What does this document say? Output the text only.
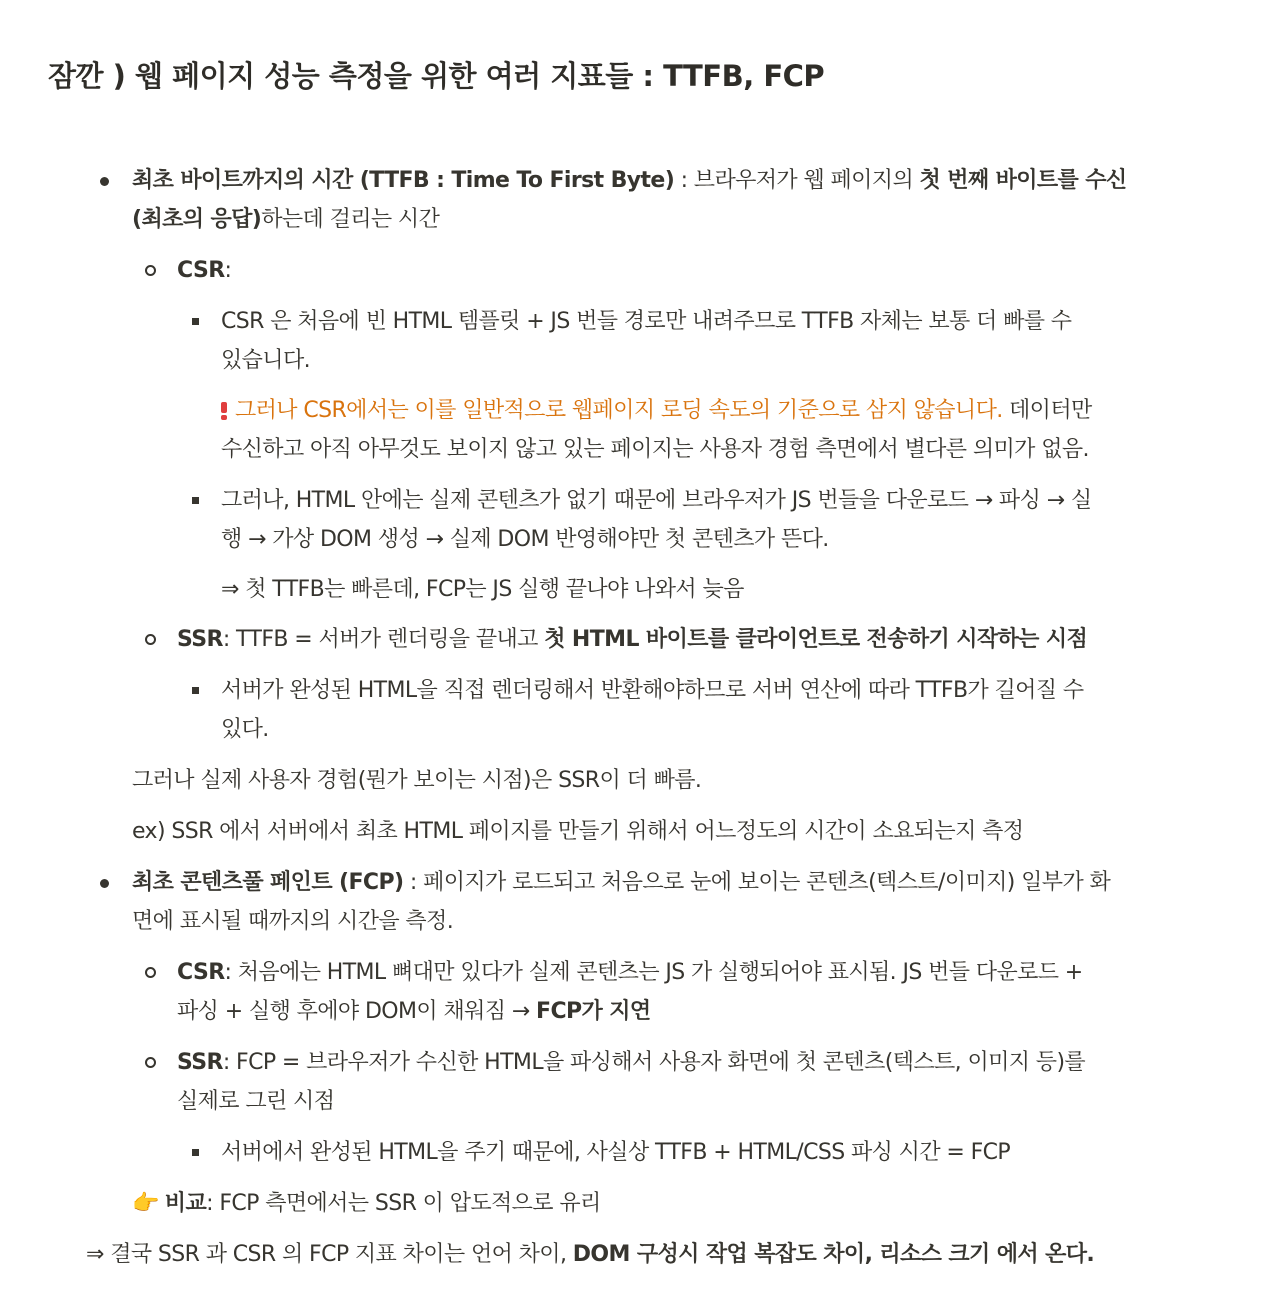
잠깐 ) 웹 페이지 성능 측정을 위한 여러 지표들 : TTFB, FCP
최초 바이트까지의 시간 (TTFB : Time To First Byte) : 브라우저가 웹 페이지의 첫 번째 바이트를 수신
(최초의 응답)하는데 걸리는 시간
CSR:
CSR 은 처음에 빈 HTML 템플릿 + JS 번들 경로만 내려주므로 TTFB 자체는 보통 더 빠를 수
있습니다.
그러나 CSR에서는 이를 일반적으로 웹페이지 로딩 속도의 기준으로 삼지 않습니다. 데이터만
수신하고 아직 아무것도 보이지 않고 있는 페이지는 사용자 경험 측면에서 별다른 의미가 없음.
그러나, HTML 안에는 실제 콘텐츠가 없기 때문에 브라우저가 JS 번들을 다운로드 → 파싱 → 실
행 → 가상 DOM 생성 → 실제 DOM 반영해야만 첫 콘텐츠가 뜬다.
⇒ 첫 TTFB는 빠른데, FCP는 JS 실행 끝나야 나와서 늦음
SSR: TTFB = 서버가 렌더링을 끝내고 첫 HTML 바이트를 클라이언트로 전송하기 시작하는 시점
서버가 완성된 HTML을 직접 렌더링해서 반환해야하므로 서버 연산에 따라 TTFB가 길어질 수
있다.
그러나 실제 사용자 경험(뭔가 보이는 시점)은 SSR이 더 빠름.
ex) SSR 에서 서버에서 최초 HTML 페이지를 만들기 위해서 어느정도의 시간이 소요되는지 측정
최초 콘텐츠풀 페인트 (FCP) : 페이지가 로드되고 처음으로 눈에 보이는 콘텐츠(텍스트/이미지) 일부가 화
면에 표시될 때까지의 시간을 측정.
CSR: 처음에는 HTML 뼈대만 있다가 실제 콘텐츠는 JS 가 실행되어야 표시됨. JS 번들 다운로드 +
파싱 + 실행 후에야 DOM이 채워짐 → FCP가 지연
SSR: FCP = 브라우저가 수신한 HTML을 파싱해서 사용자 화면에 첫 콘텐츠(텍스트, 이미지 등)를
실제로 그린 시점
서버에서 완성된 HTML을 주기 때문에, 사실상 TTFB + HTML/CSS 파싱 시간 = FCP
👉 비교: FCP 측면에서는 SSR 이 압도적으로 유리
⇒ 결국 SSR 과 CSR 의 FCP 지표 차이는 언어 차이, DOM 구성시 작업 복잡도 차이, 리소스 크기 에서 온다.
